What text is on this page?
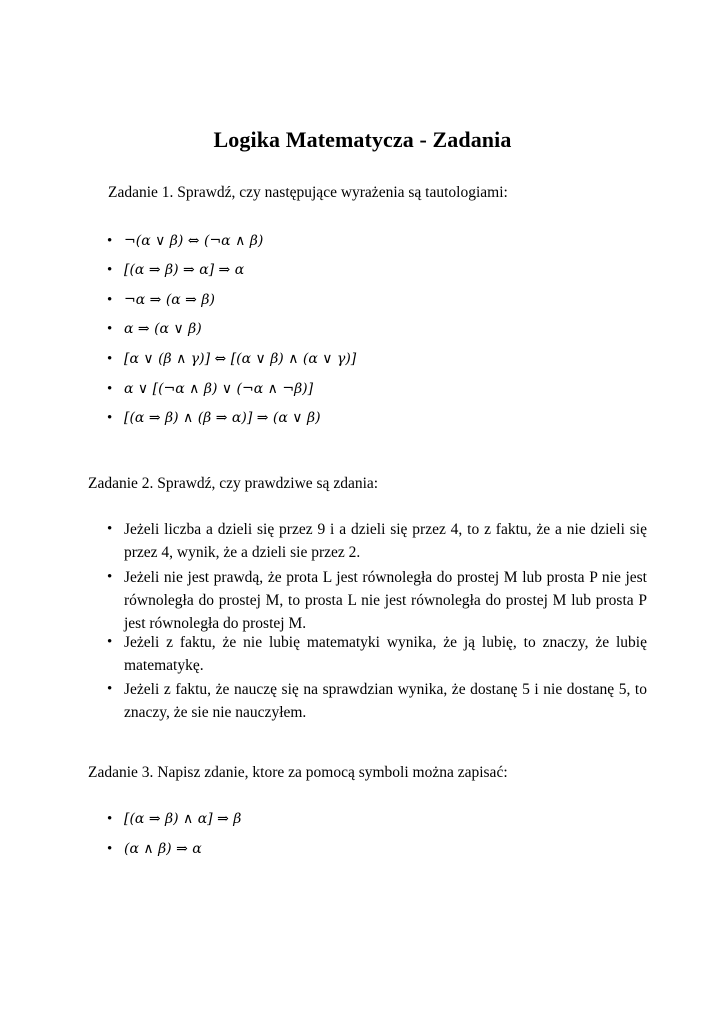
Logika Matematycza - Zadania
Zadanie 1. Sprawdź, czy następujące wyrażenia są tautologiami:
• ¬(α ∨ β) ⇔ (¬α ∧ β)
• [(α ⇒ β) ⇒ α] ⇒ α
• ¬α ⇒ (α ⇒ β)
• α ⇒ (α ∨ β)
• [α ∨ (β ∧ γ)] ⇔ [(α ∨ β) ∧ (α ∨ γ)]
• α ∨ [(¬α ∧ β) ∨ (¬α ∧ ¬β)]
• [(α ⇒ β) ∧ (β ⇒ α)] ⇒ (α ∨ β)
Zadanie 2. Sprawdź, czy prawdziwe są zdania:
• Jeżeli liczba a dzieli się przez 9 i a dzieli się przez 4, to z faktu, że a nie dzieli się przez 4, wynik, że a dzieli sie przez 2.
• Jeżeli nie jest prawdą, że prota L jest równoległa do prostej M lub prosta P nie jest równoległa do prostej M, to prosta L nie jest równoległa do prostej M lub prosta P jest równoległa do prostej M.
• Jeżeli z faktu, że nie lubię matematyki wynika, że ją lubię, to znaczy, że lubię matematykę.
• Jeżeli z faktu, że nauczę się na sprawdzian wynika, że dostanę 5 i nie dostanę 5, to znaczy, że sie nie nauczyłem.
Zadanie 3. Napisz zdanie, ktore za pomocą symboli można zapisać:
• [(α ⇒ β) ∧ α] ⇒ β
• (α ∧ β) ⇒ α
